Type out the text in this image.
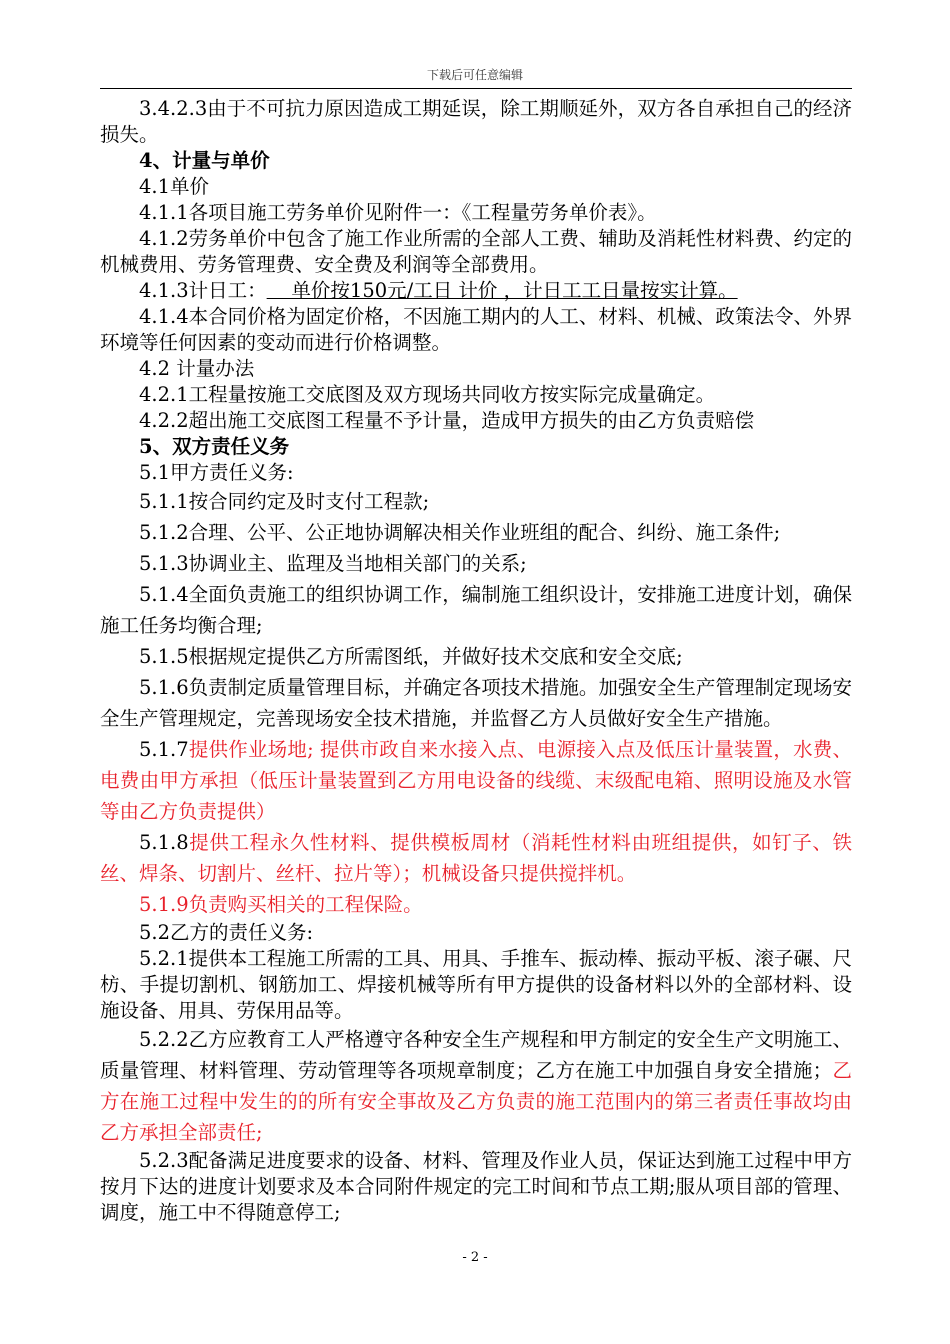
下载后可任意编辑

3.4.2.3由于不可抗力原因造成工期延误，除工期顺延外，双方各自承担自己的经济损失。

4、计量与单价

4.1单价

4.1.1各项目施工劳务单价见附件一：《工程量劳务单价表》。

4.1.2劳务单价中包含了施工作业所需的全部人工费、辅助及消耗性材料费、约定的机械费用、劳务管理费、安全费及利润等全部费用。

4.1.3计日工：    单价按150元/工日 计价 ，计日工工日量按实计算。

4.1.4本合同价格为固定价格，不因施工期内的人工、材料、机械、政策法令、外界环境等任何因素的变动而进行价格调整。

4.2 计量办法

4.2.1工程量按施工交底图及双方现场共同收方按实际完成量确定。

4.2.2超出施工交底图工程量不予计量，造成甲方损失的由乙方负责赔偿

5、双方责任义务

5.1甲方责任义务:

5.1.1按合同约定及时支付工程款;

5.1.2合理、公平、公正地协调解决相关作业班组的配合、纠纷、施工条件;

5.1.3协调业主、监理及当地相关部门的关系;

5.1.4全面负责施工的组织协调工作，编制施工组织设计，安排施工进度计划，确保施工任务均衡合理;

5.1.5根据规定提供乙方所需图纸，并做好技术交底和安全交底;

5.1.6负责制定质量管理目标，并确定各项技术措施。加强安全生产管理制定现场安全生产管理规定，完善现场安全技术措施，并监督乙方人员做好安全生产措施。

5.1.7提供作业场地; 提供市政自来水接入点、电源接入点及低压计量装置，水费、电费由甲方承担（低压计量装置到乙方用电设备的线缆、末级配电箱、照明设施及水管等由乙方负责提供）

5.1.8提供工程永久性材料、提供模板周材（消耗性材料由班组提供，如钉子、铁丝、焊条、切割片、丝杆、拉片等）；机械设备只提供搅拌机。

5.1.9负责购买相关的工程保险。

5.2乙方的责任义务:

5.2.1提供本工程施工所需的工具、用具、手推车、振动棒、振动平板、滚子碾、尺枋、手提切割机、钢筋加工、焊接机械等所有甲方提供的设备材料以外的全部材料、设施设备、用具、劳保用品等。

5.2.2乙方应教育工人严格遵守各种安全生产规程和甲方制定的安全生产文明施工、质量管理、材料管理、劳动管理等各项规章制度；乙方在施工中加强自身安全措施；乙方在施工过程中发生的的所有安全事故及乙方负责的施工范围内的第三者责任事故均由乙方承担全部责任;

5.2.3配备满足进度要求的设备、材料、管理及作业人员，保证达到施工过程中甲方按月下达的进度计划要求及本合同附件规定的完工时间和节点工期;服从项目部的管理、调度，施工中不得随意停工;

- 2 -
